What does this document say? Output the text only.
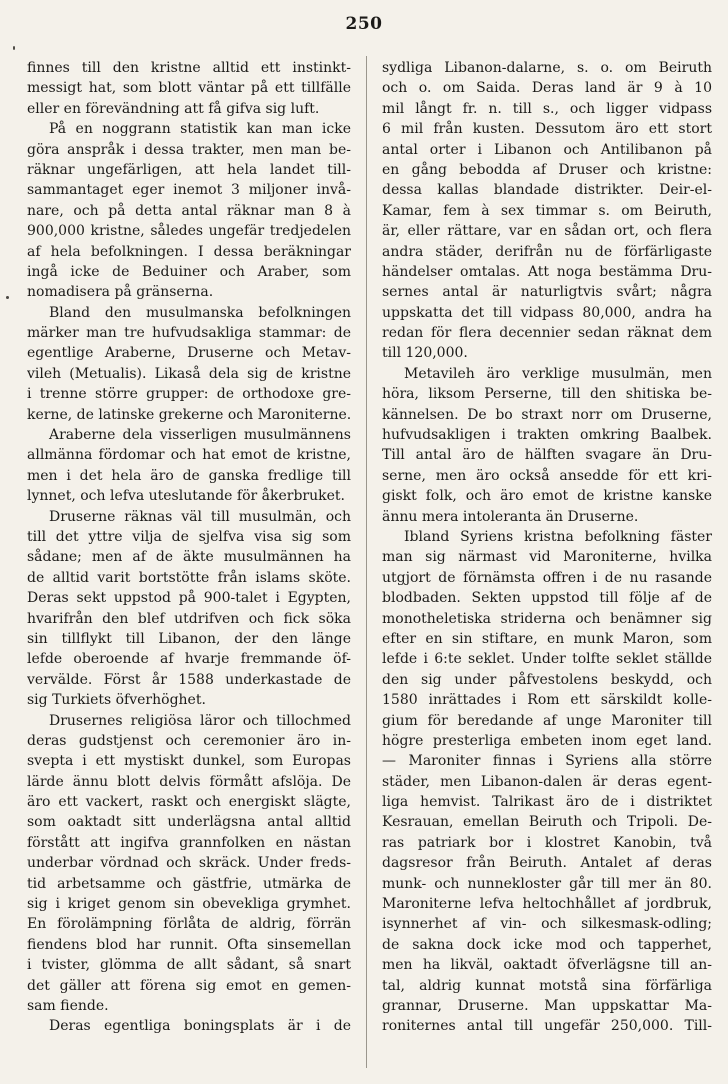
250
finnes till den kristne alltid ett instinkt-
messigt hat, som blott väntar på ett tillfälle
eller en förevändning att få gifva sig luft.
På en noggrann statistik kan man icke
göra anspråk i dessa trakter, men man be-
räknar ungefärligen, att hela landet till-
sammantaget eger inemot 3 miljoner invå-
nare, och på detta antal räknar man 8 à
900,000 kristne, således ungefär tredjedelen
af hela befolkningen. I dessa beräkningar
ingå icke de Beduiner och Araber, som
nomadisera på gränserna.
Bland den musulmanska befolkningen
märker man tre hufvudsakliga stammar: de
egentlige Araberne, Druserne och Metav-
vileh (Metualis). Likaså dela sig de kristne
i trenne större grupper: de orthodoxe gre-
kerne, de latinske grekerne och Maroniterne.
Araberne dela visserligen musulmännens
allmänna fördomar och hat emot de kristne,
men i det hela äro de ganska fredlige till
lynnet, och lefva uteslutande för åkerbruket.
Druserne räknas väl till musulmän, och
till det yttre vilja de sjelfva visa sig som
sådane; men af de äkte musulmännen ha
de alltid varit bortstötte från islams sköte.
Deras sekt uppstod på 900-talet i Egypten,
hvarifrån den blef utdrifven och fick söka
sin tillflykt till Libanon, der den länge
lefde oberoende af hvarje fremmande öf-
vervälde. Först år 1588 underkastade de
sig Turkiets öfverhöghet.
Drusernes religiösa läror och tillochmed
deras gudstjenst och ceremonier äro in-
svepta i ett mystiskt dunkel, som Europas
lärde ännu blott delvis förmått afslöja. De
äro ett vackert, raskt och energiskt slägte,
som oaktadt sitt underlägsna antal alltid
förstått att ingifva grannfolken en nästan
underbar vördnad och skräck. Under freds-
tid arbetsamme och gästfrie, utmärka de
sig i kriget genom sin obevekliga grymhet.
En förolämpning förlåta de aldrig, förrän
fiendens blod har runnit. Ofta sinsemellan
i tvister, glömma de allt sådant, så snart
det gäller att förena sig emot en gemen-
sam fiende.
Deras egentliga boningsplats är i de
sydliga Libanon-dalarne, s. o. om Beiruth
och o. om Saida. Deras land är 9 à 10
mil långt fr. n. till s., och ligger vidpass
6 mil från kusten. Dessutom äro ett stort
antal orter i Libanon och Antilibanon på
en gång bebodda af Druser och kristne:
dessa kallas blandade distrikter. Deir-el-
Kamar, fem à sex timmar s. om Beiruth,
är, eller rättare, var en sådan ort, och flera
andra städer, derifrån nu de förfärligaste
händelser omtalas. Att noga bestämma Dru-
sernes antal är naturligtvis svårt; några
uppskatta det till vidpass 80,000, andra ha
redan för flera decennier sedan räknat dem
till 120,000.
Metavileh äro verklige musulmän, men
höra, liksom Perserne, till den shitiska be-
kännelsen. De bo straxt norr om Druserne,
hufvudsakligen i trakten omkring Baalbek.
Till antal äro de hälften svagare än Dru-
serne, men äro också ansedde för ett kri-
giskt folk, och äro emot de kristne kanske
ännu mera intoleranta än Druserne.
Ibland Syriens kristna befolkning fäster
man sig närmast vid Maroniterne, hvilka
utgjort de förnämsta offren i de nu rasande
blodbaden. Sekten uppstod till följe af de
monotheletiska striderna och benämner sig
efter en sin stiftare, en munk Maron, som
lefde i 6:te seklet. Under tolfte seklet ställde
den sig under påfvestolens beskydd, och
1580 inrättades i Rom ett särskildt kolle-
gium för beredande af unge Maroniter till
högre presterliga embeten inom eget land.
— Maroniter finnas i Syriens alla större
städer, men Libanon-dalen är deras egent-
liga hemvist. Talrikast äro de i distriktet
Kesrauan, emellan Beiruth och Tripoli. De-
ras patriark bor i klostret Kanobin, två
dagsresor från Beiruth. Antalet af deras
munk- och nunnekloster går till mer än 80.
Maroniterne lefva heltochhållet af jordbruk,
isynnerhet af vin- och silkesmask-odling;
de sakna dock icke mod och tapperhet,
men ha likväl, oaktadt öfverlägsne till an-
tal, aldrig kunnat motstå sina förfärliga
grannar, Druserne. Man uppskattar Ma-
roniternes antal till ungefär 250,000. Till-
